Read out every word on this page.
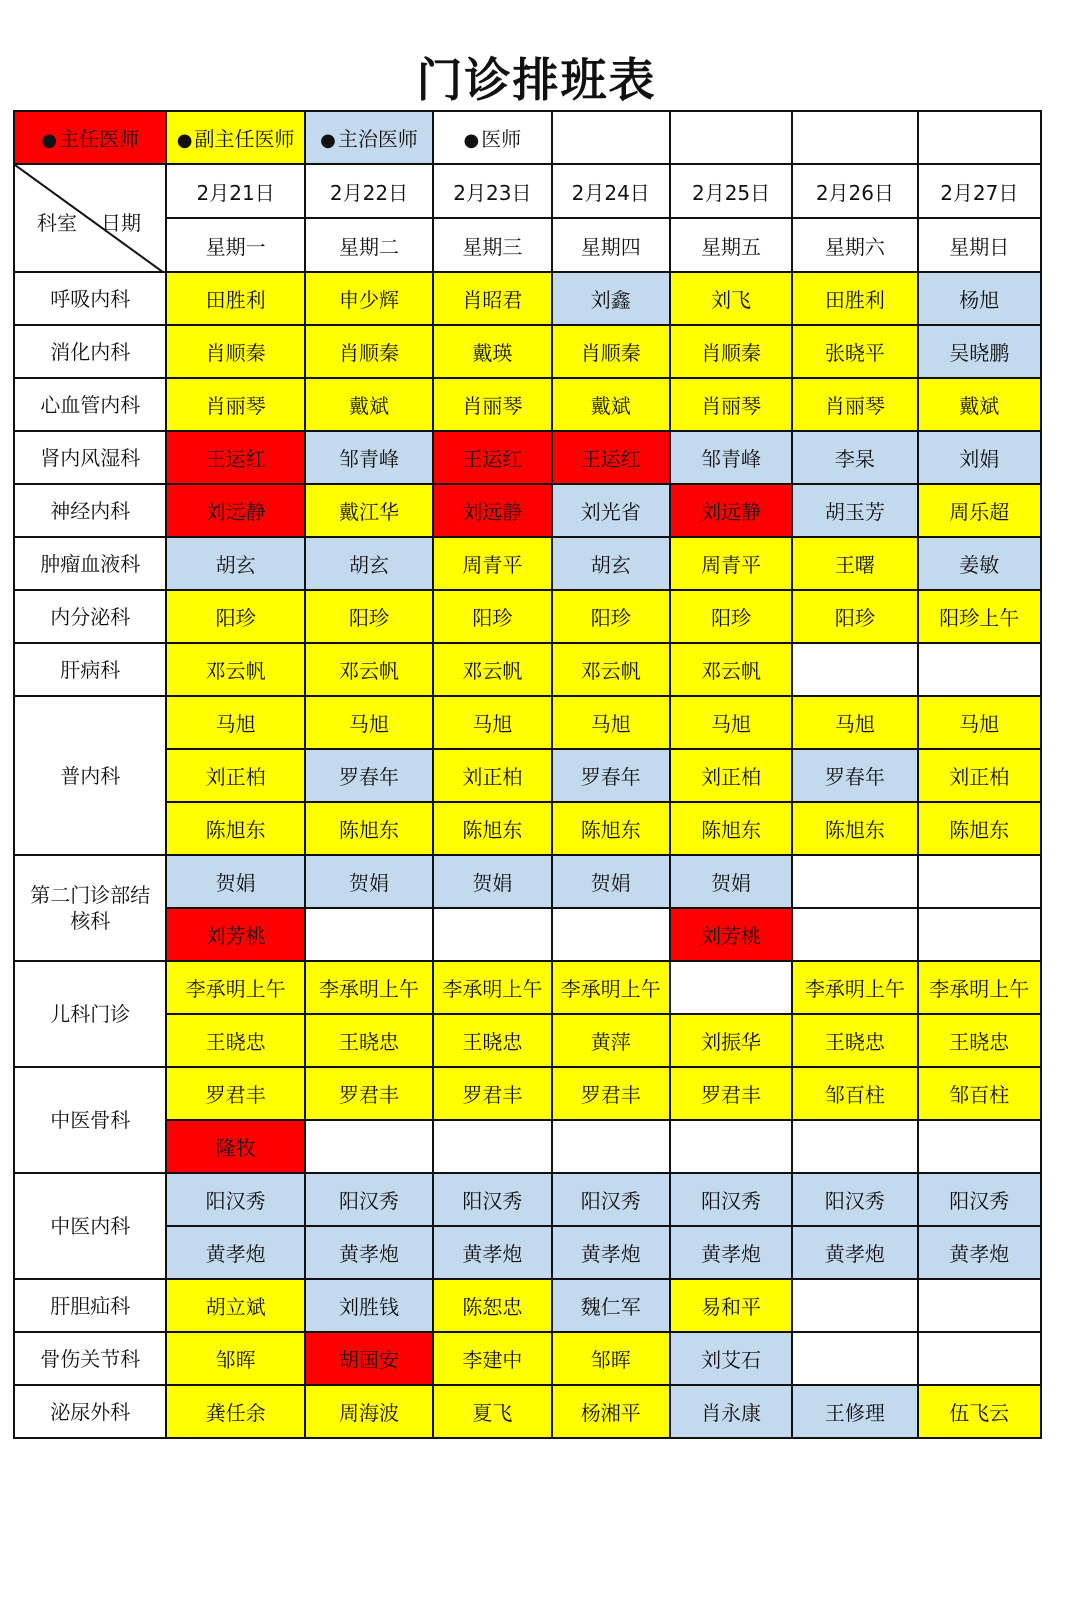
门诊排班表
● 主任医师	● 副主任医师	● 主治医师	● 医师				

科室 日期	2月21日	2月22日	2月23日	2月24日	2月25日	2月26日	2月27日
	星期一	星期二	星期三	星期四	星期五	星期六	星期日
呼吸内科	田胜利	申少辉	肖昭君	刘鑫	刘飞	田胜利	杨旭
消化内科	肖顺秦	肖顺秦	戴瑛	肖顺秦	肖顺秦	张晓平	吴晓鹏
心血管内科	肖丽琴	戴斌	肖丽琴	戴斌	肖丽琴	肖丽琴	戴斌
肾内风湿科	王运红	邹青峰	王运红	王运红	邹青峰	李杲	刘娟
神经内科	刘远静	戴江华	刘远静	刘光省	刘远静	胡玉芳	周乐超
肿瘤血液科	胡玄	胡玄	周青平	胡玄	周青平	王曙	姜敏
内分泌科	阳珍	阳珍	阳珍	阳珍	阳珍	阳珍	阳珍上午
肝病科	邓云帆	邓云帆	邓云帆	邓云帆	邓云帆		
普内科	马旭	马旭	马旭	马旭	马旭	马旭	马旭
	刘正柏	罗春年	刘正柏	罗春年	刘正柏	罗春年	刘正柏
	陈旭东	陈旭东	陈旭东	陈旭东	陈旭东	陈旭东	陈旭东
第二门诊部结核科	贺娟	贺娟	贺娟	贺娟	贺娟		
	刘芳桃				刘芳桃		
儿科门诊	李承明上午	李承明上午	李承明上午	李承明上午		李承明上午	李承明上午
	王晓忠	王晓忠	王晓忠	黄萍	刘振华	王晓忠	王晓忠
中医骨科	罗君丰	罗君丰	罗君丰	罗君丰	罗君丰	邹百柱	邹百柱
	隆牧						
中医内科	阳汉秀	阳汉秀	阳汉秀	阳汉秀	阳汉秀	阳汉秀	阳汉秀
	黄孝炮	黄孝炮	黄孝炮	黄孝炮	黄孝炮	黄孝炮	黄孝炮
肝胆疝科	胡立斌	刘胜钱	陈恕忠	魏仁军	易和平		
骨伤关节科	邹晖	胡国安	李建中	邹晖	刘艾石		
泌尿外科	龚任余	周海波	夏飞	杨湘平	肖永康	王修理	伍飞云
